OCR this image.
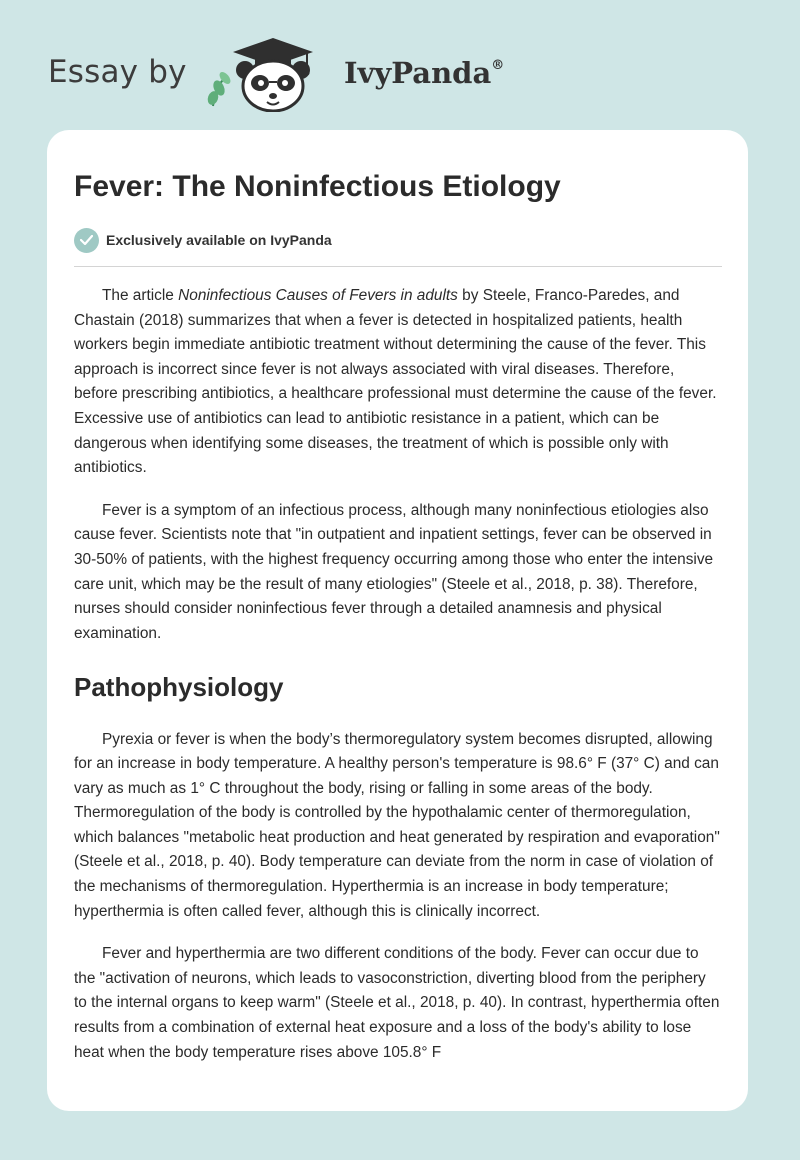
Essay by	IvyPanda®
Fever: The Noninfectious Etiology
Exclusively available on IvyPanda

The article Noninfectious Causes of Fevers in adults by Steele, Franco-Paredes, and Chastain (2018) summarizes that when a fever is detected in hospitalized patients, health workers begin immediate antibiotic treatment without determining the cause of the fever. This approach is incorrect since fever is not always associated with viral diseases. Therefore, before prescribing antibiotics, a healthcare professional must determine the cause of the fever. Excessive use of antibiotics can lead to antibiotic resistance in a patient, which can be dangerous when identifying some diseases, the treatment of which is possible only with antibiotics.

Fever is a symptom of an infectious process, although many noninfectious etiologies also cause fever. Scientists note that "in outpatient and inpatient settings, fever can be observed in 30-50% of patients, with the highest frequency occurring among those who enter the intensive care unit, which may be the result of many etiologies" (Steele et al., 2018, p. 38). Therefore, nurses should consider noninfectious fever through a detailed anamnesis and physical examination.

Pathophysiology

Pyrexia or fever is when the body’s thermoregulatory system becomes disrupted, allowing for an increase in body temperature. A healthy person's temperature is 98.6° F (37° C) and can vary as much as 1° C throughout the body, rising or falling in some areas of the body. Thermoregulation of the body is controlled by the hypothalamic center of thermoregulation, which balances "metabolic heat production and heat generated by respiration and evaporation" (Steele et al., 2018, p. 40). Body temperature can deviate from the norm in case of violation of the mechanisms of thermoregulation. Hyperthermia is an increase in body temperature; hyperthermia is often called fever, although this is clinically incorrect.

Fever and hyperthermia are two different conditions of the body. Fever can occur due to the "activation of neurons, which leads to vasoconstriction, diverting blood from the periphery to the internal organs to keep warm" (Steele et al., 2018, p. 40). In contrast, hyperthermia often results from a combination of external heat exposure and a loss of the body's ability to lose heat when the body temperature rises above 105.8° F
